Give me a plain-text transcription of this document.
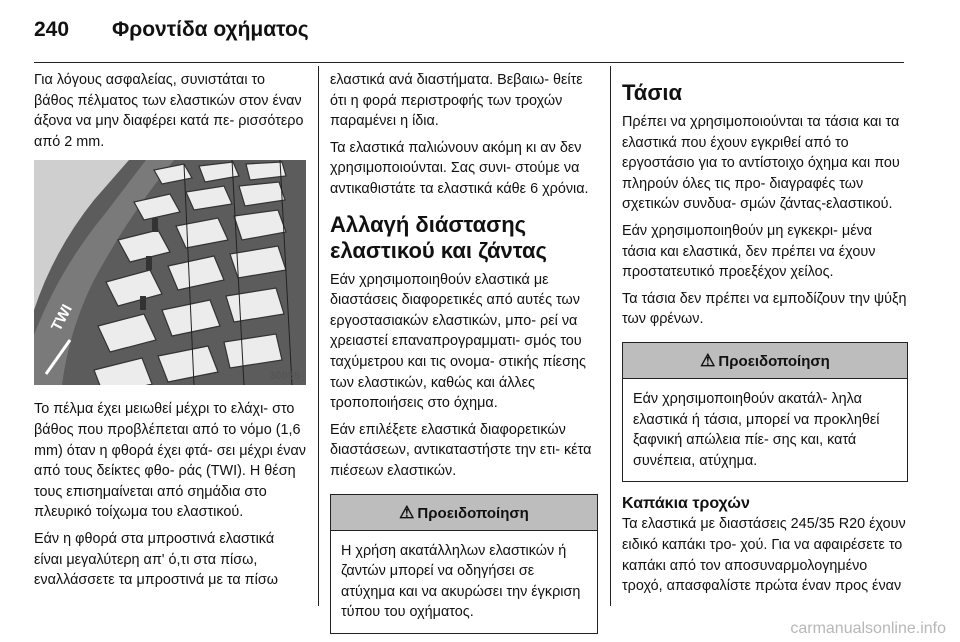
240	Φροντίδα οχήματος

Για λόγους ασφαλείας, συνιστάται το βάθος πέλματος των ελαστικών στον έναν άξονα να μην διαφέρει κατά πε- ρισσότερο από 2 mm.

TWI
30055

Το πέλμα έχει μειωθεί μέχρι το ελάχι- στο βάθος που προβλέπεται από το νόμο (1,6 mm) όταν η φθορά έχει φτά- σει μέχρι έναν από τους δείκτες φθο- ράς (TWI). Η θέση τους επισημαίνεται από σημάδια στο πλευρικό τοίχωμα του ελαστικού.

Εάν η φθορά στα μπροστινά ελαστικά είναι μεγαλύτερη απ' ό,τι στα πίσω, εναλλάσσετε τα μπροστινά με τα πίσω

ελαστικά ανά διαστήματα. Βεβαιω- θείτε ότι η φορά περιστροφής των τροχών παραμένει η ίδια.

Τα ελαστικά παλιώνουν ακόμη κι αν δεν χρησιμοποιούνται. Σας συνι- στούμε να αντικαθιστάτε τα ελαστικά κάθε 6 χρόνια.

Αλλαγή διάστασης ελαστικού και ζάντας

Εάν χρησιμοποιηθούν ελαστικά με διαστάσεις διαφορετικές από αυτές των εργοστασιακών ελαστικών, μπο- ρεί να χρειαστεί επαναπρογραμματι- σμός του ταχύμετρου και τις ονομα- στικής πίεσης των ελαστικών, καθώς και άλλες τροποποιήσεις στο όχημα.

Εάν επιλέξετε ελαστικά διαφορετικών διαστάσεων, αντικαταστήστε την ετι- κέτα πιέσεων ελαστικών.

⚠ Προειδοποίηση
Η χρήση ακατάλληλων ελαστικών ή ζαντών μπορεί να οδηγήσει σε ατύχημα και να ακυρώσει την έγκριση τύπου του οχήματος.
Τάσια

Πρέπει να χρησιμοποιούνται τα τάσια και τα ελαστικά που έχουν εγκριθεί από το εργοστάσιο για το αντίστοιχο όχημα και που πληρούν όλες τις προ- διαγραφές των σχετικών συνδυα- σμών ζάντας-ελαστικού.

Εάν χρησιμοποιηθούν μη εγκεκρι- μένα τάσια και ελαστικά, δεν πρέπει να έχουν προστατευτικό προεξέχον χείλος.

Τα τάσια δεν πρέπει να εμποδίζουν την ψύξη των φρένων.

⚠ Προειδοποίηση
Εάν χρησιμοποιηθούν ακατάλ- ληλα ελαστικά ή τάσια, μπορεί να προκληθεί ξαφνική απώλεια πίε- σης και, κατά συνέπεια, ατύχημα.
Καπάκια τροχών

Τα ελαστικά με διαστάσεις 245/35 R20 έχουν ειδικό καπάκι τρο- χού. Για να αφαιρέσετε το καπάκι από τον αποσυναρμολογημένο τροχό, απασφαλίστε πρώτα έναν προς έναν

carmanualsonline.info
